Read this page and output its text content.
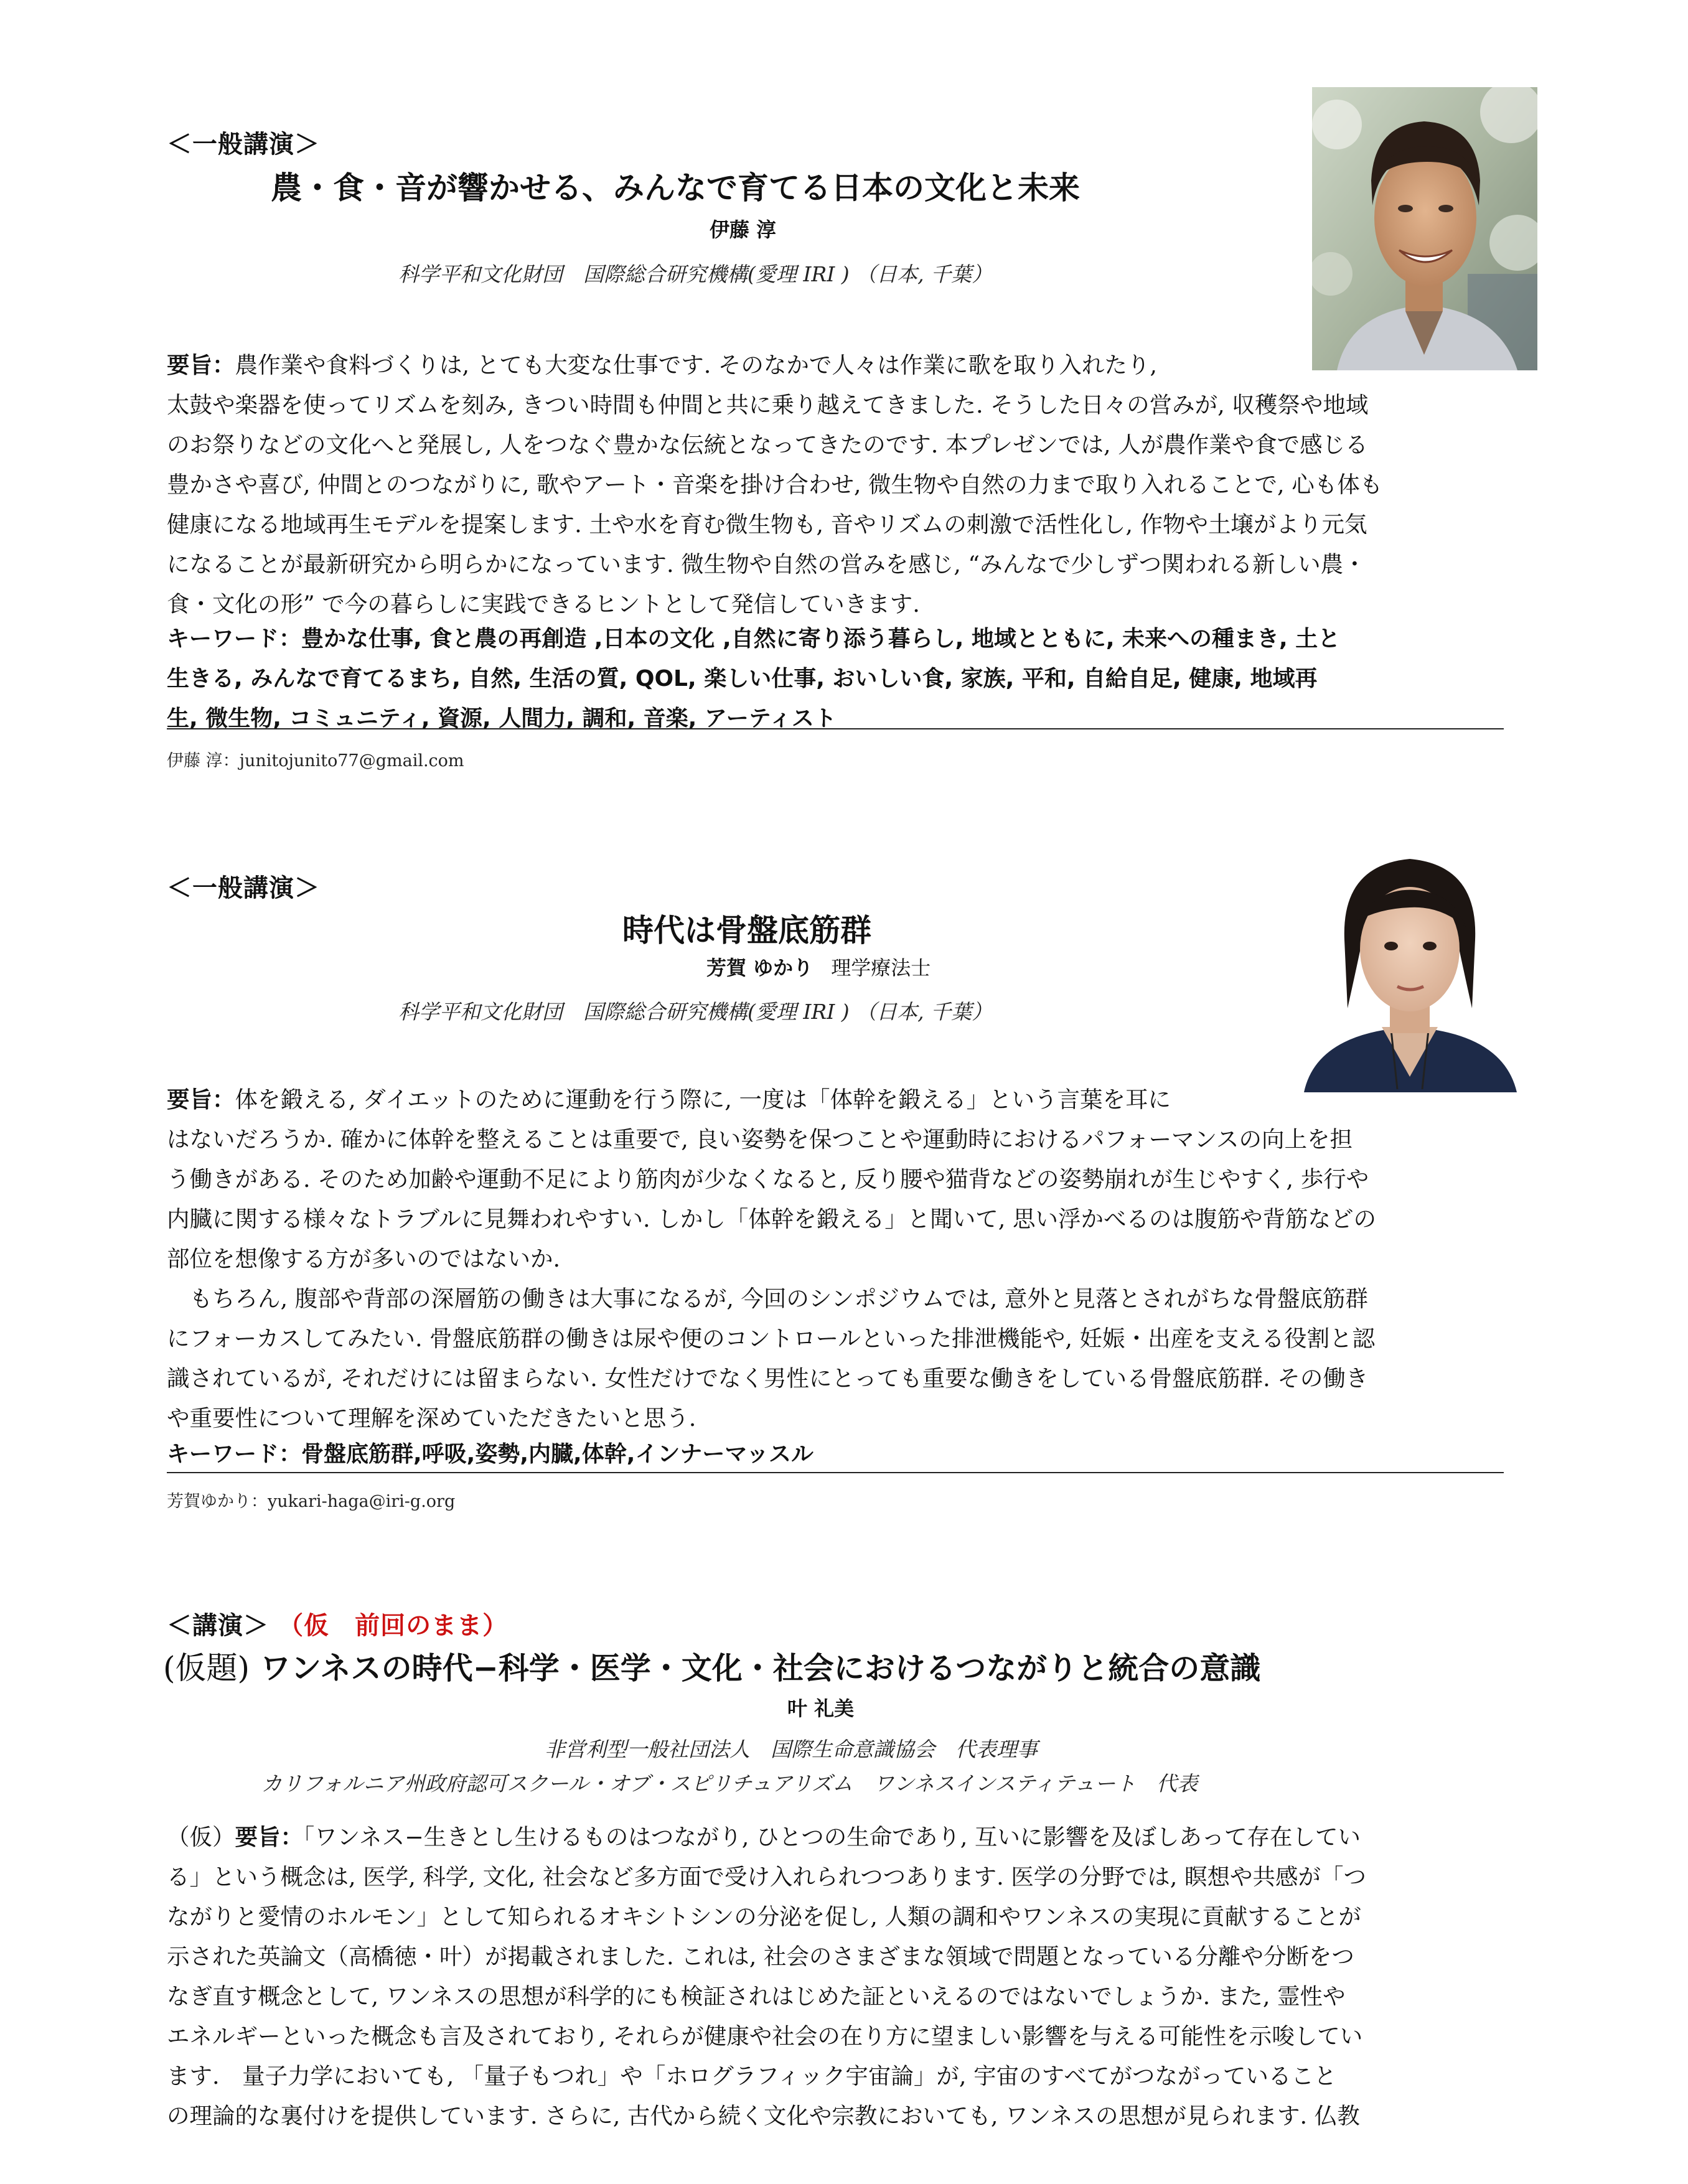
＜一般講演＞
農・食・音が響かせる、みんなで育てる日本の文化と未来
伊藤 淳
科学平和文化財団　国際総合研究機構(愛理 IRI ) （日本, 千葉）

要旨：農作業や食料づくりは, とても大変な仕事です. そのなかで人々は作業に歌を取り入れたり,

太鼓や楽器を使ってリズムを刻み, きつい時間も仲間と共に乗り越えてきました. そうした日々の営みが, 収穫祭や地域

のお祭りなどの文化へと発展し, 人をつなぐ豊かな伝統となってきたのです. 本プレゼンでは, 人が農作業や食で感じる

豊かさや喜び, 仲間とのつながりに, 歌やアート・音楽を掛け合わせ, 微生物や自然の力まで取り入れることで, 心も体も

健康になる地域再生モデルを提案します. 土や水を育む微生物も, 音やリズムの刺激で活性化し, 作物や土壌がより元気

になることが最新研究から明らかになっています. 微生物や自然の営みを感じ, “みんなで少しずつ関われる新しい農・

食・文化の形” で今の暮らしに実践できるヒントとして発信していきます.

キーワード：豊かな仕事, 食と農の再創造 ,日本の文化 ,自然に寄り添う暮らし, 地域とともに, 未来への種まき, 土と
生きる, みんなで育てるまち, 自然, 生活の質, QOL, 楽しい仕事, おいしい食, 家族, 平和, 自給自足, 健康, 地域再
生, 微生物, コミュニティ, 資源, 人間力, 調和, 音楽, アーティスト
伊藤 淳：junitojunito77@gmail.com
＜一般講演＞
時代は骨盤底筋群
芳賀 ゆかり 理学療法士
科学平和文化財団　国際総合研究機構(愛理 IRI ) （日本, 千葉）

要旨：体を鍛える, ダイエットのために運動を行う際に, 一度は「体幹を鍛える」という言葉を耳に

はないだろうか. 確かに体幹を整えることは重要で, 良い姿勢を保つことや運動時におけるパフォーマンスの向上を担

う働きがある. そのため加齢や運動不足により筋肉が少なくなると, 反り腰や猫背などの姿勢崩れが生じやすく, 歩行や

内臓に関する様々なトラブルに見舞われやすい. しかし「体幹を鍛える」と聞いて, 思い浮かべるのは腹筋や背筋などの

部位を想像する方が多いのではないか.

　もちろん, 腹部や背部の深層筋の働きは大事になるが, 今回のシンポジウムでは, 意外と見落とされがちな骨盤底筋群

にフォーカスしてみたい. 骨盤底筋群の働きは尿や便のコントロールといった排泄機能や, 妊娠・出産を支える役割と認

識されているが, それだけには留まらない. 女性だけでなく男性にとっても重要な働きをしている骨盤底筋群. その働き

や重要性について理解を深めていただきたいと思う.

キーワード：骨盤底筋群,呼吸,姿勢,内臓,体幹,インナーマッスル
芳賀ゆかり：yukari-haga@iri-g.org
＜講演＞ （仮　前回のまま）
(仮題) ワンネスの時代−科学・医学・文化・社会におけるつながりと統合の意識
叶 礼美
非営利型一般社団法人　国際生命意識協会　代表理事
カリフォルニア州政府認可スクール・オブ・スピリチュアリズム　ワンネスインスティテュート　代表

（仮）要旨：「ワンネス−生きとし生けるものはつながり, ひとつの生命であり, 互いに影響を及ぼしあって存在してい

る」という概念は, 医学, 科学, 文化, 社会など多方面で受け入れられつつあります. 医学の分野では, 瞑想や共感が「つ

ながりと愛情のホルモン」として知られるオキシトシンの分泌を促し, 人類の調和やワンネスの実現に貢献することが

示された英論文（高橋徳・叶）が掲載されました. これは, 社会のさまざまな領域で問題となっている分離や分断をつ

なぎ直す概念として, ワンネスの思想が科学的にも検証されはじめた証といえるのではないでしょうか. また, 霊性や

エネルギーといった概念も言及されており, それらが健康や社会の在り方に望ましい影響を与える可能性を示唆してい

ます.　量子力学においても, 「量子もつれ」や「ホログラフィック宇宙論」が, 宇宙のすべてがつながっていること

の理論的な裏付けを提供しています. さらに, 古代から続く文化や宗教においても, ワンネスの思想が見られます. 仏教
